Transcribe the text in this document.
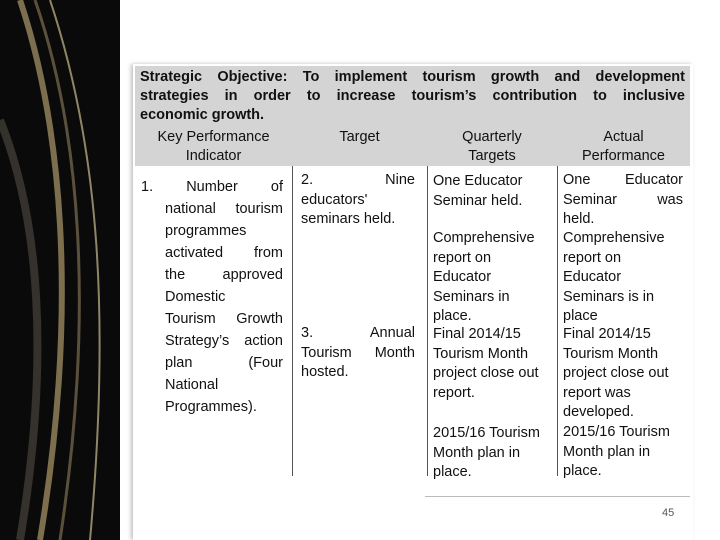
Strategic Objective: To implement tourism growth and development
strategies in order to increase tourism’s contribution to inclusive
economic growth.
Key Performance
Indicator
Target	Quarterly
Targets
Actual
Performance
1. Number of
national tourism
programmes
activated from
the approved
Domestic
Tourism Growth
Strategy’s action
plan (Four
National
Programmes).
2. Nine
educators'
seminars held.
3. Annual
Tourism Month
hosted.
One Educator
Seminar held.
Comprehensive
report on
Educator
Seminars in
place.
Final 2014/15
Tourism Month
project close out
report.
2015/16 Tourism
Month plan in
place.
One Educator
Seminar was
held.
Comprehensive
report on
Educator
Seminars is in
place
Final 2014/15
Tourism Month
project close out
report was
developed.
2015/16 Tourism
Month plan in
place.
45
